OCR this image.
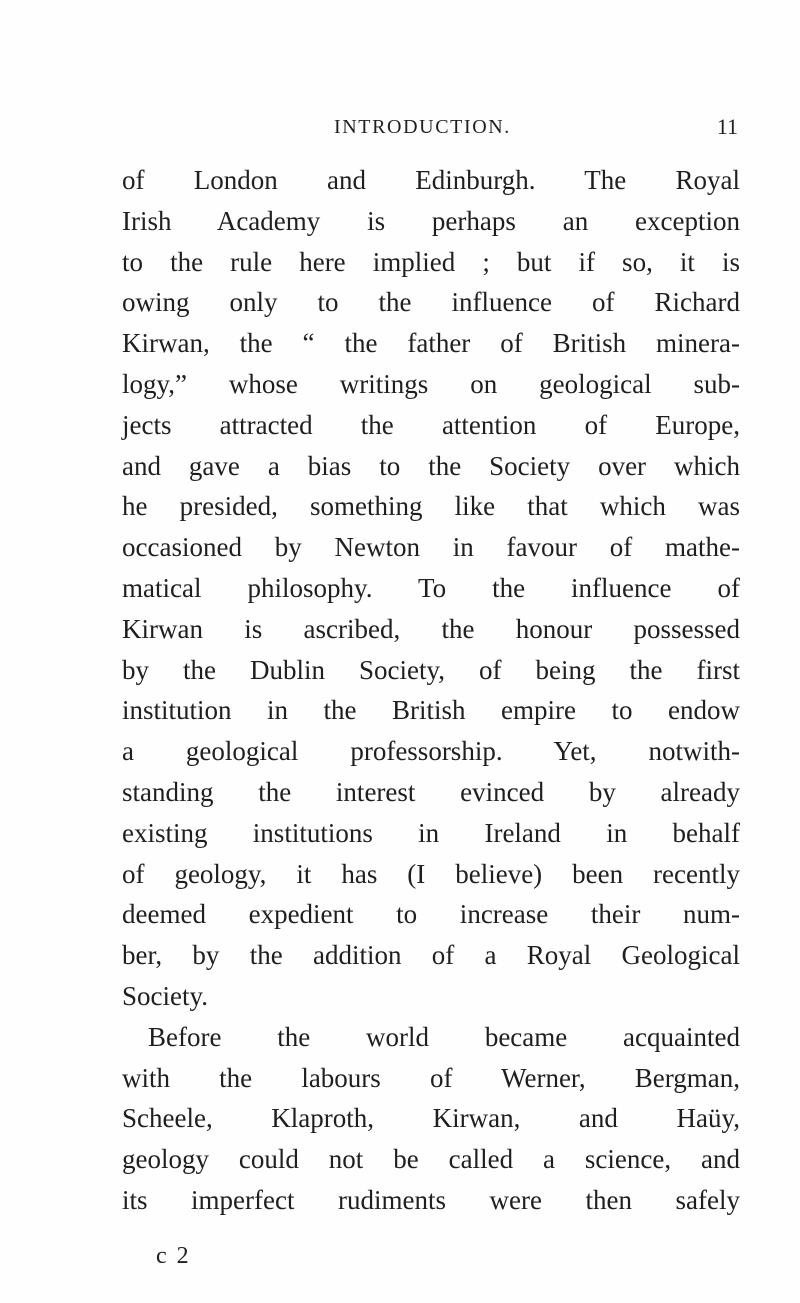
INTRODUCTION.	11
of London and Edinburgh. The Royal
Irish Academy is perhaps an exception
to the rule here implied ; but if so, it is
owing only to the influence of Richard
Kirwan, the “ the father of British minera-
logy,” whose writings on geological sub-
jects attracted the attention of Europe,
and gave a bias to the Society over which
he presided, something like that which was
occasioned by Newton in favour of mathe-
matical philosophy. To the influence of
Kirwan is ascribed, the honour possessed
by the Dublin Society, of being the first
institution in the British empire to endow
a geological professorship. Yet, notwith-
standing the interest evinced by already
existing institutions in Ireland in behalf
of geology, it has (I believe) been recently
deemed expedient to increase their num-
ber, by the addition of a Royal Geological
Society.
Before the world became acquainted
with the labours of Werner, Bergman,
Scheele, Klaproth, Kirwan, and Haüy,
geology could not be called a science, and
its imperfect rudiments were then safely
c 2
